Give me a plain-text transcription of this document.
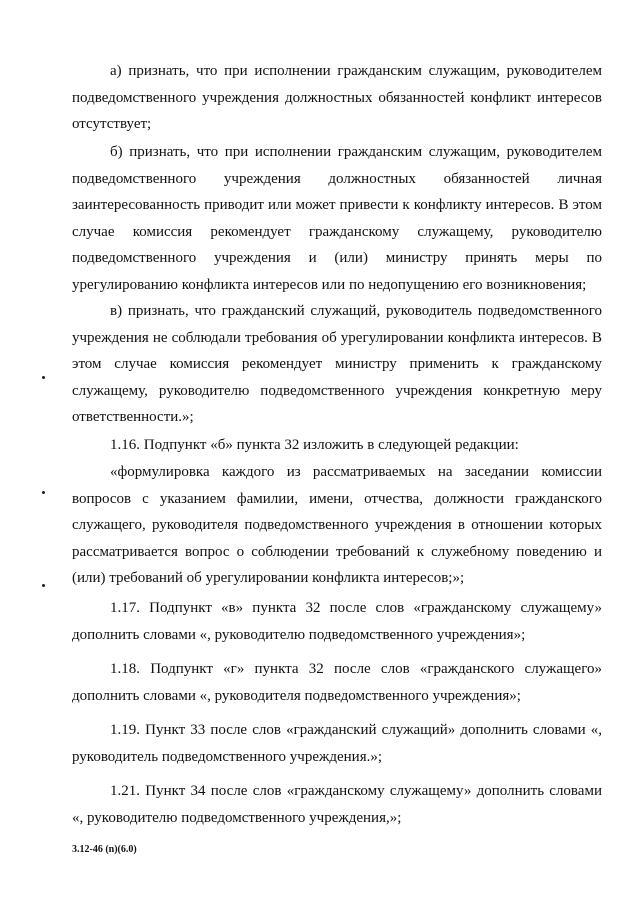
а) признать, что при исполнении гражданским служащим, руководителем подведомственного учреждения должностных обязанностей конфликт интересов отсутствует;

б) признать, что при исполнении гражданским служащим, руководителем подведомственного учреждения должностных обязанностей личная заинтересованность приводит или может привести к конфликту интересов. В этом случае комиссия рекомендует гражданскому служащему, руководителю подведомственного учреждения и (или) министру принять меры по урегулированию конфликта интересов или по недопущению его возникновения;

в) признать, что гражданский служащий, руководитель подведомственного учреждения не соблюдали требования об урегулировании конфликта интересов. В этом случае комиссия рекомендует министру применить к гражданскому служащему, руководителю подведомственного учреждения конкретную меру ответственности.»;

1.16. Подпункт «б» пункта 32 изложить в следующей редакции:

«формулировка каждого из рассматриваемых на заседании комиссии вопросов с указанием фамилии, имени, отчества, должности гражданского служащего, руководителя подведомственного учреждения в отношении которых рассматривается вопрос о соблюдении требований к служебному поведению и (или) требований об урегулировании конфликта интересов;»;

1.17. Подпункт «в» пункта 32 после слов «гражданскому служащему» дополнить словами «, руководителю подведомственного учреждения»;

1.18. Подпункт «г» пункта 32 после слов «гражданского служащего» дополнить словами «, руководителя подведомственного учреждения»;

1.19. Пункт 33 после слов «гражданский служащий» дополнить словами «, руководитель подведомственного учреждения.»;

1.21. Пункт 34 после слов «гражданскому служащему» дополнить словами «, руководителю подведомственного учреждения,»;

3.12-46 (n)(6.0)
